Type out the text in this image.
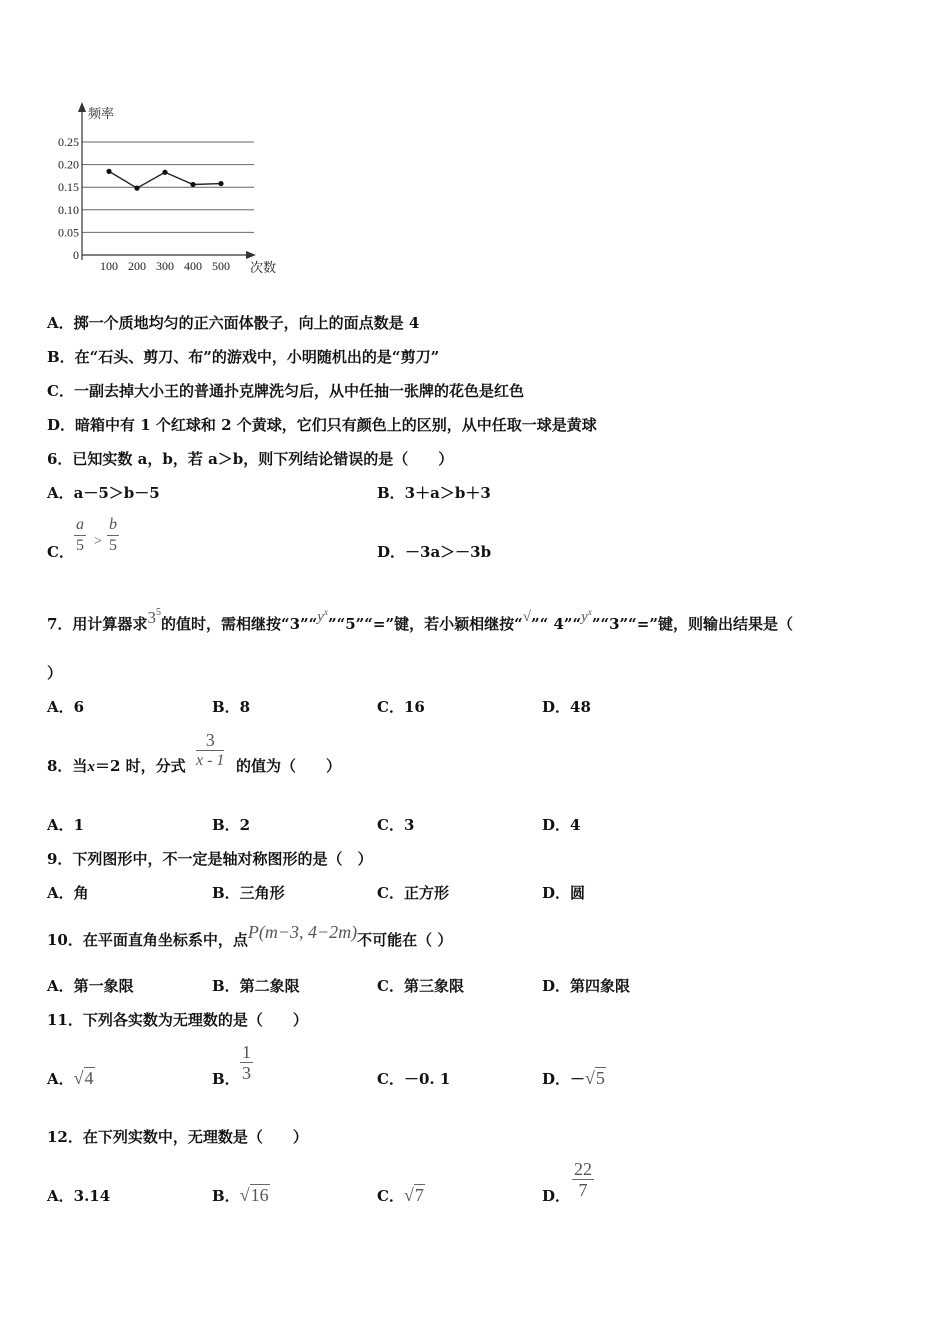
频率
次数
0.25
0.20
0.15
0.10
0.05
0
100 200 300 400 500
A．掷一个质地均匀的正六面体骰子，向上的面点数是 4
B．在“石头、剪刀、布”的游戏中，小明随机出的是“剪刀”
C．一副去掉大小王的普通扑克牌洗匀后，从中任抽一张牌的花色是红色
D．暗箱中有 1 个红球和 2 个黄球，它们只有颜色上的区别，从中任取一球是黄球
6．已知实数 a，b，若 a＞b，则下列结论错误的是（　　）
A．a－5＞b－5	B．3＋a＞b＋3
C． $\frac{a}{5} > \frac{b}{5}$	D．－3a＞－3b
7．用计算器求$3^5$的值时，需相继按“$3”“y^x”“5”“=$”键，若小颖相继按“√”“ $4”“y^x”“3”“=$”键，则输出结果是（
）
A．6	B．8	C．16	D．48
8．当x＝2 时，分式 $\frac{3}{x - 1}$ 的值为（　　）
A．1	B．2	C．3	D．4
9．下列图形中，不一定是轴对称图形的是（　）
A．角	B．三角形	C．正方形	D．圆
10．在平面直角坐标系中，点P(m−3, 4−2m)不可能在（ ）
A．第一象限	B．第二象限	C．第三象限	D．第四象限
11．下列各实数为无理数的是（　　）
A．√4	B． $\frac{1}{3}$	C．－0. 1	D．－√5
12．在下列实数中，无理数是（　　）
A．3.14	B．√16	C．√7	D． $\frac{22}{7}$
